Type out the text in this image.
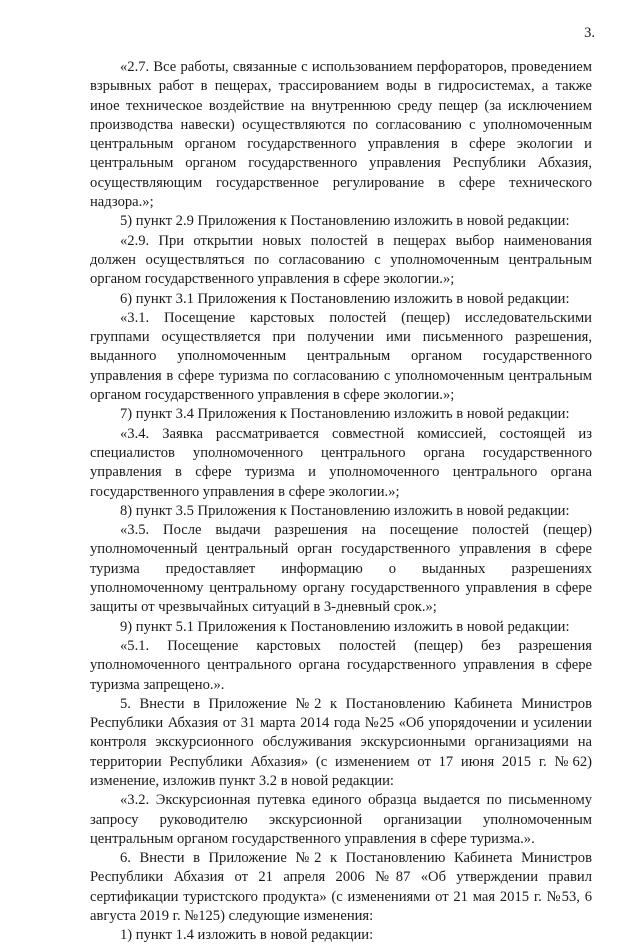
3.

«2.7. Все работы, связанные с использованием перфораторов, проведением взрывных работ в пещерах, трассированием воды в гидросистемах, а также иное техническое воздействие на внутреннюю среду пещер (за исключением производства навески) осуществляются по согласованию с уполномоченным центральным органом государственного управления в сфере экологии и центральным органом государственного управления Республики Абхазия, осуществляющим государственное регулирование в сфере технического надзора.»;

5) пункт 2.9 Приложения к Постановлению изложить в новой редакции:

«2.9. При открытии новых полостей в пещерах выбор наименования должен осуществляться по согласованию с уполномоченным центральным органом государственного управления в сфере экологии.»;

6) пункт 3.1 Приложения к Постановлению изложить в новой редакции:

«3.1. Посещение карстовых полостей (пещер) исследовательскими группами осуществляется при получении ими письменного разрешения, выданного уполномоченным центральным органом государственного управления в сфере туризма по согласованию с уполномоченным центральным органом государственного управления в сфере экологии.»;

7) пункт 3.4 Приложения к Постановлению изложить в новой редакции:

«3.4. Заявка рассматривается совместной комиссией, состоящей из специалистов уполномоченного центрального органа государственного управления в сфере туризма и уполномоченного центрального органа государственного управления в сфере экологии.»;

8) пункт 3.5 Приложения к Постановлению изложить в новой редакции:

«3.5. После выдачи разрешения на посещение полостей (пещер) уполномоченный центральный орган государственного управления в сфере туризма предоставляет информацию о выданных разрешениях уполномоченному центральному органу государственного управления в сфере защиты от чрезвычайных ситуаций в 3-дневный срок.»;

9) пункт 5.1 Приложения к Постановлению изложить в новой редакции:

«5.1. Посещение карстовых полостей (пещер) без разрешения уполномоченного центрального органа государственного управления в сфере туризма запрещено.».

5. Внести в Приложение №2 к Постановлению Кабинета Министров Республики Абхазия от 31 марта 2014 года №25 «Об упорядочении и усилении контроля экскурсионного обслуживания экскурсионными организациями на территории Республики Абхазия» (с изменением от 17 июня 2015 г. №62) изменение, изложив пункт 3.2 в новой редакции:

«3.2. Экскурсионная путевка единого образца выдается по письменному запросу руководителю экскурсионной организации уполномоченным центральным органом государственного управления в сфере туризма.».

6. Внести в Приложение №2 к Постановлению Кабинета Министров Республики Абхазия от 21 апреля 2006 №87 «Об утверждении правил сертификации туристского продукта» (с изменениями от 21 мая 2015 г. №53, 6 августа 2019 г. №125) следующие изменения:

1) пункт 1.4 изложить в новой редакции:
